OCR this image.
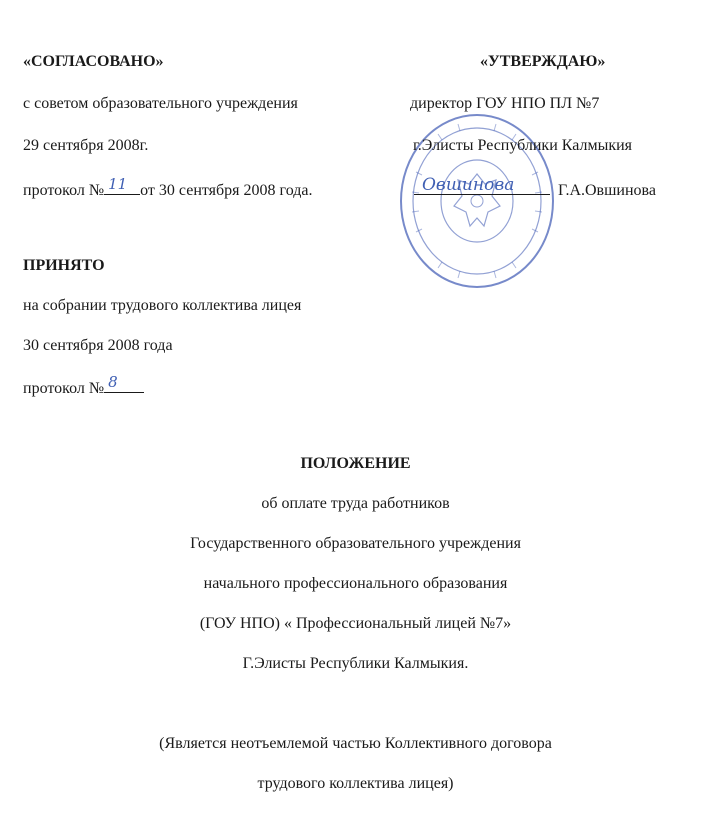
«СОГЛАСОВАНО»
с советом образовательного учреждения
29 сентября 2008г.
протокол № 11 от 30 сентября 2008 года.
«УТВЕРЖДАЮ»
директор ГОУ НПО ПЛ №7
г.Элисты Республики Калмыкия
Г.А.Овшинова
Овшинова
ПРИНЯТО
на собрании трудового коллектива лицея
30 сентября 2008 года
протокол № 8
ПОЛОЖЕНИЕ
об оплате труда работников
Государственного образовательного учреждения
начального профессионального образования
(ГОУ НПО) « Профессиональный лицей №7»
Г.Элисты Республики Калмыкия.
(Является неотъемлемой частью Коллективного договора
трудового коллектива лицея)
